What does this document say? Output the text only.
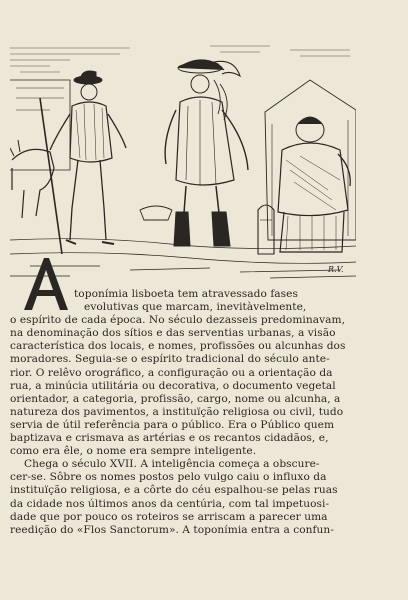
R.V.
toponímia lisboeta tem atravessado fases
evolutivas que marcam, inevitàvelmente,
o espírito de cada época. No século dezasseis predominavam,
na denominação dos sítios e das serventias urbanas, a visão
característica dos locais, e nomes, profissões ou alcunhas dos
moradores. Seguia-se o espírito tradicional do século ante-
rior. O relêvo orográfico, a configuração ou a orientação da
rua, a minúcia utilitária ou decorativa, o documento vegetal
orientador, a categoria, profissão, cargo, nome ou alcunha, a
natureza dos pavimentos, a instituïção religiosa ou civil, tudo
servia de útil referência para o público. Era o Público quem
baptizava e crismava as artérias e os recantos cidadãos, e,
como era êle, o nome era sempre inteligente.
Chega o século XVII. A inteligência começa a obscure-
cer-se. Sôbre os nomes postos pelo vulgo caiu o influxo da
instituïção religiosa, e a côrte do céu espalhou-se pelas ruas
da cidade nos últimos anos da centúria, com tal impetuosi-
dade que por pouco os roteiros se arriscam a parecer uma
reedição do «Flos Sanctorum». A toponímia entra a confun-
